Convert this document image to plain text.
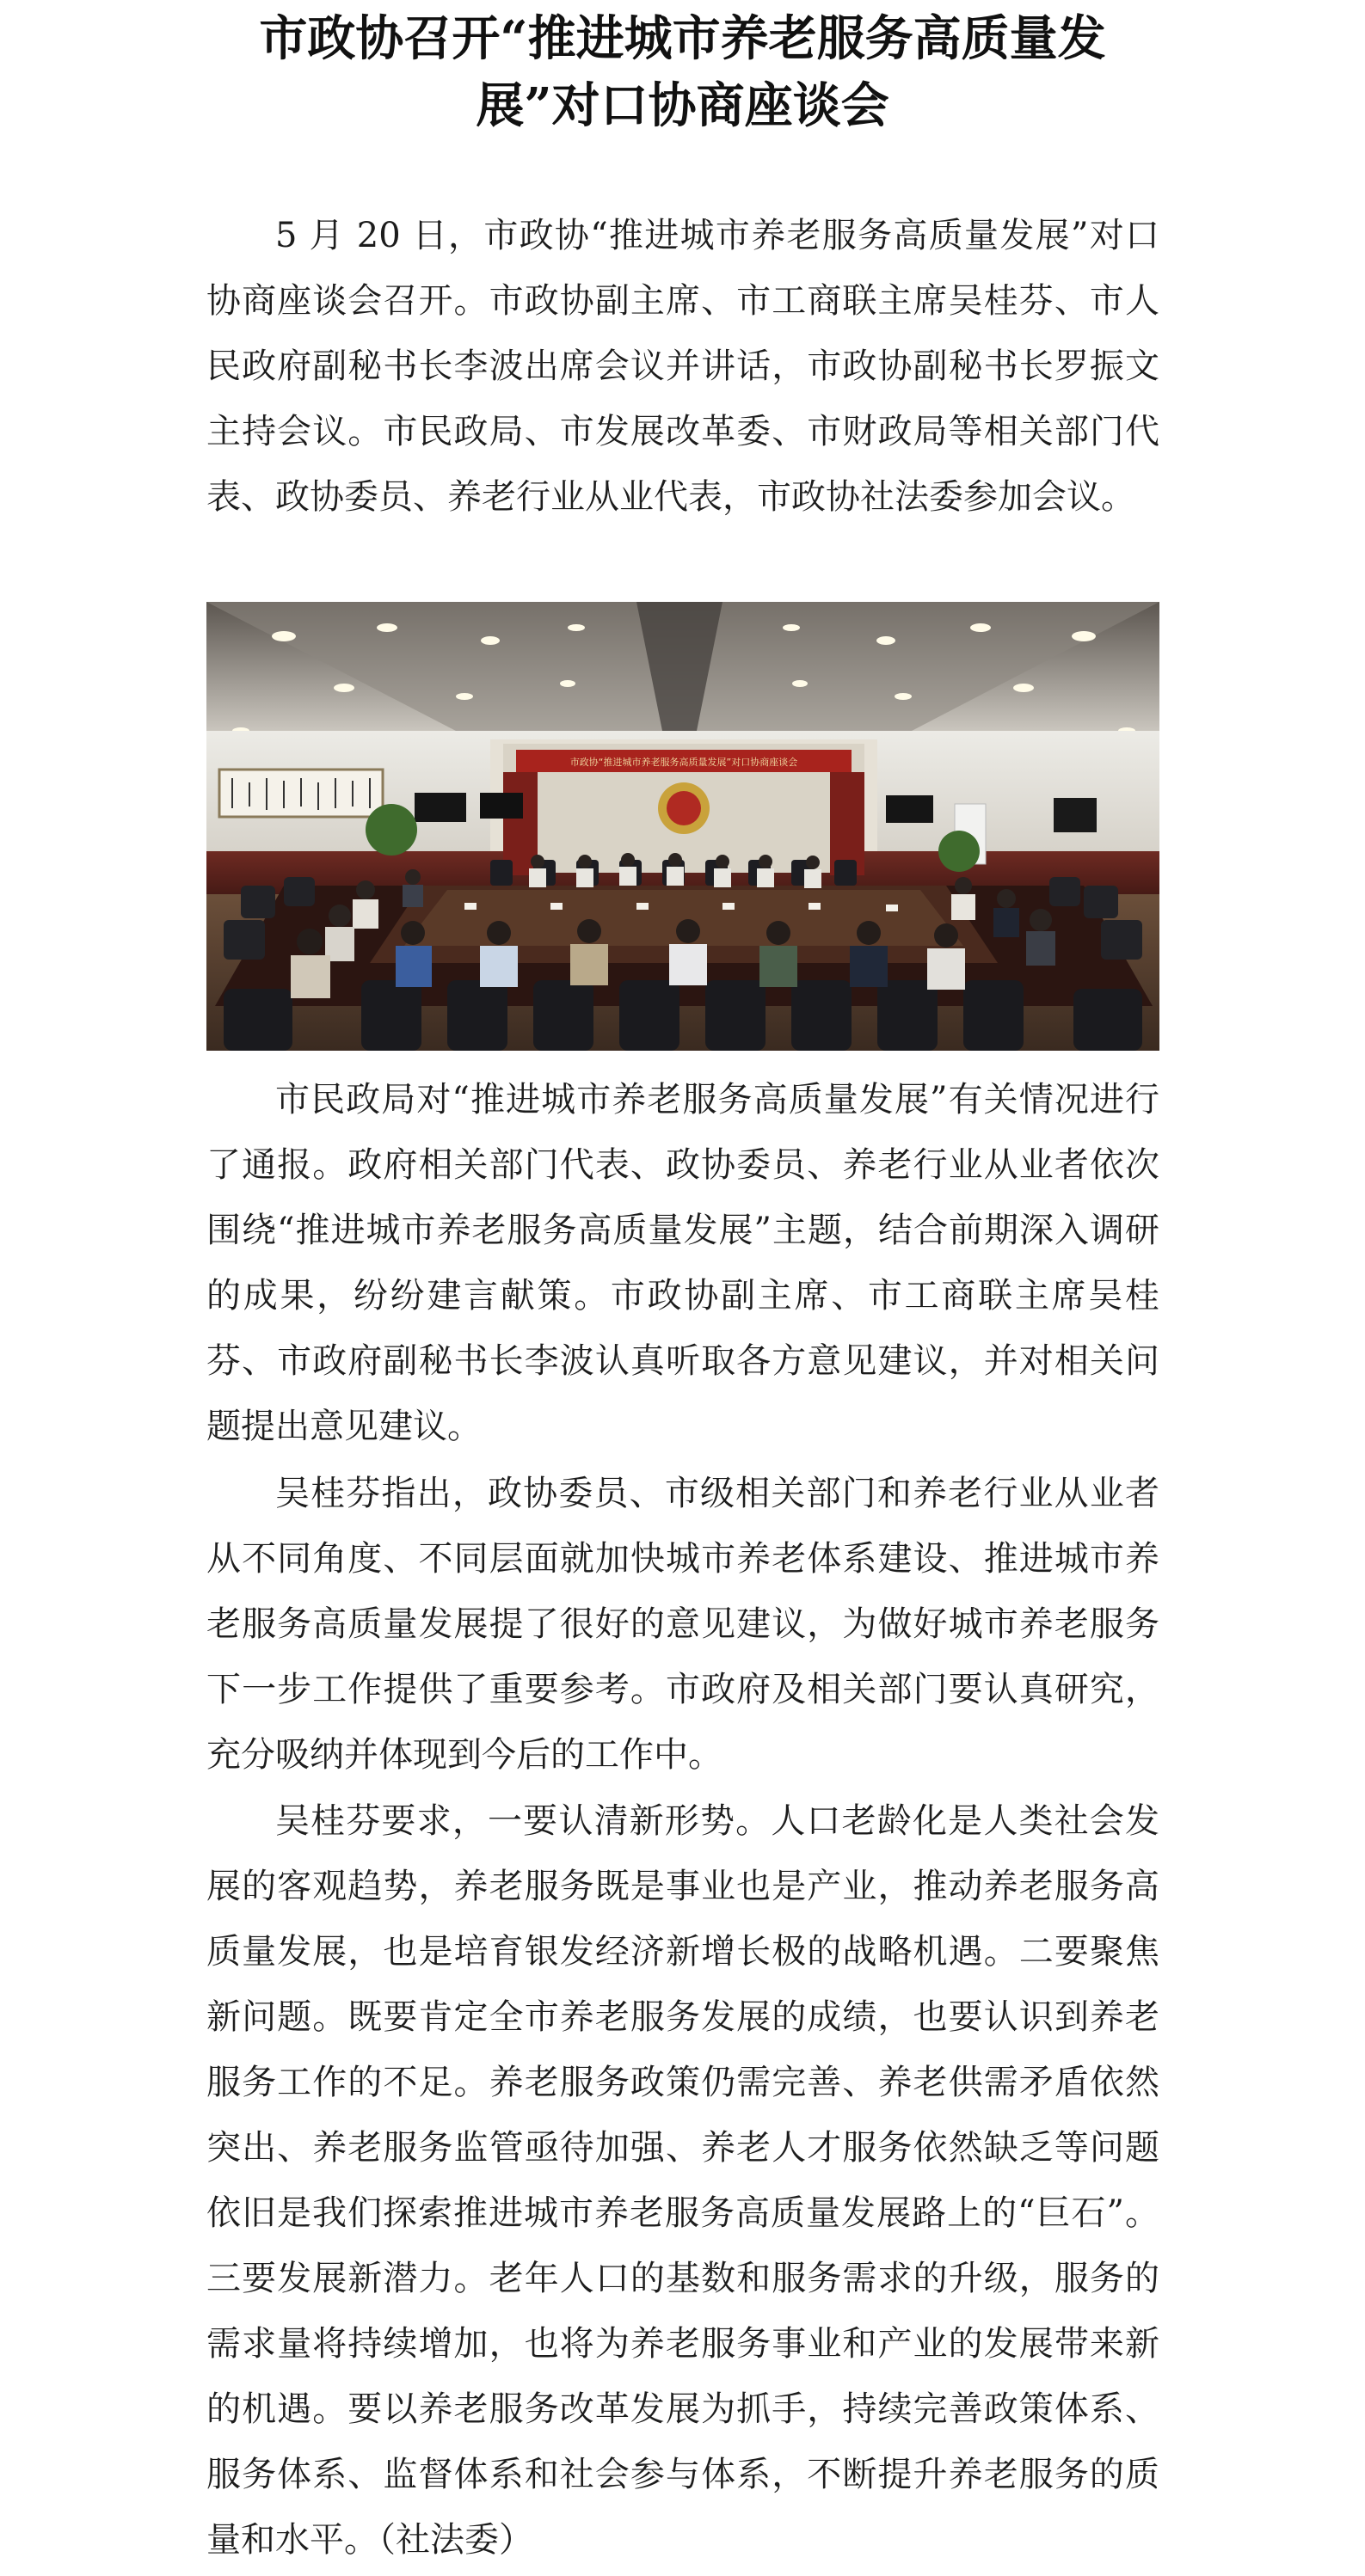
市政协召开“推进城市养老服务高质量发
展”对口协商座谈会

5 月 20 日，市政协“推进城市养老服务高质量发展”对口协商座谈会召开。市政协副主席、市工商联主席吴桂芬、市人民政府副秘书长李波出席会议并讲话，市政协副秘书长罗振文主持会议。市民政局、市发展改革委、市财政局等相关部门代表、政协委员、养老行业从业代表，市政协社法委参加会议。

市政协“推进城市养老服务高质量发展”对口协商座谈会

市民政局对“推进城市养老服务高质量发展”有关情况进行了通报。政府相关部门代表、政协委员、养老行业从业者依次围绕“推进城市养老服务高质量发展”主题，结合前期深入调研的成果，纷纷建言献策。市政协副主席、市工商联主席吴桂芬、市政府副秘书长李波认真听取各方意见建议，并对相关问题提出意见建议。

吴桂芬指出，政协委员、市级相关部门和养老行业从业者从不同角度、不同层面就加快城市养老体系建设、推进城市养老服务高质量发展提了很好的意见建议，为做好城市养老服务下一步工作提供了重要参考。市政府及相关部门要认真研究，充分吸纳并体现到今后的工作中。

吴桂芬要求，一要认清新形势。人口老龄化是人类社会发展的客观趋势，养老服务既是事业也是产业，推动养老服务高质量发展，也是培育银发经济新增长极的战略机遇。二要聚焦新问题。既要肯定全市养老服务发展的成绩，也要认识到养老服务工作的不足。养老服务政策仍需完善、养老供需矛盾依然突出、养老服务监管亟待加强、养老人才服务依然缺乏等问题依旧是我们探索推进城市养老服务高质量发展路上的“巨石”。三要发展新潜力。老年人口的基数和服务需求的升级，服务的需求量将持续增加，也将为养老服务事业和产业的发展带来新的机遇。要以养老服务改革发展为抓手，持续完善政策体系、服务体系、监督体系和社会参与体系，不断提升养老服务的质量和水平。（社法委）
